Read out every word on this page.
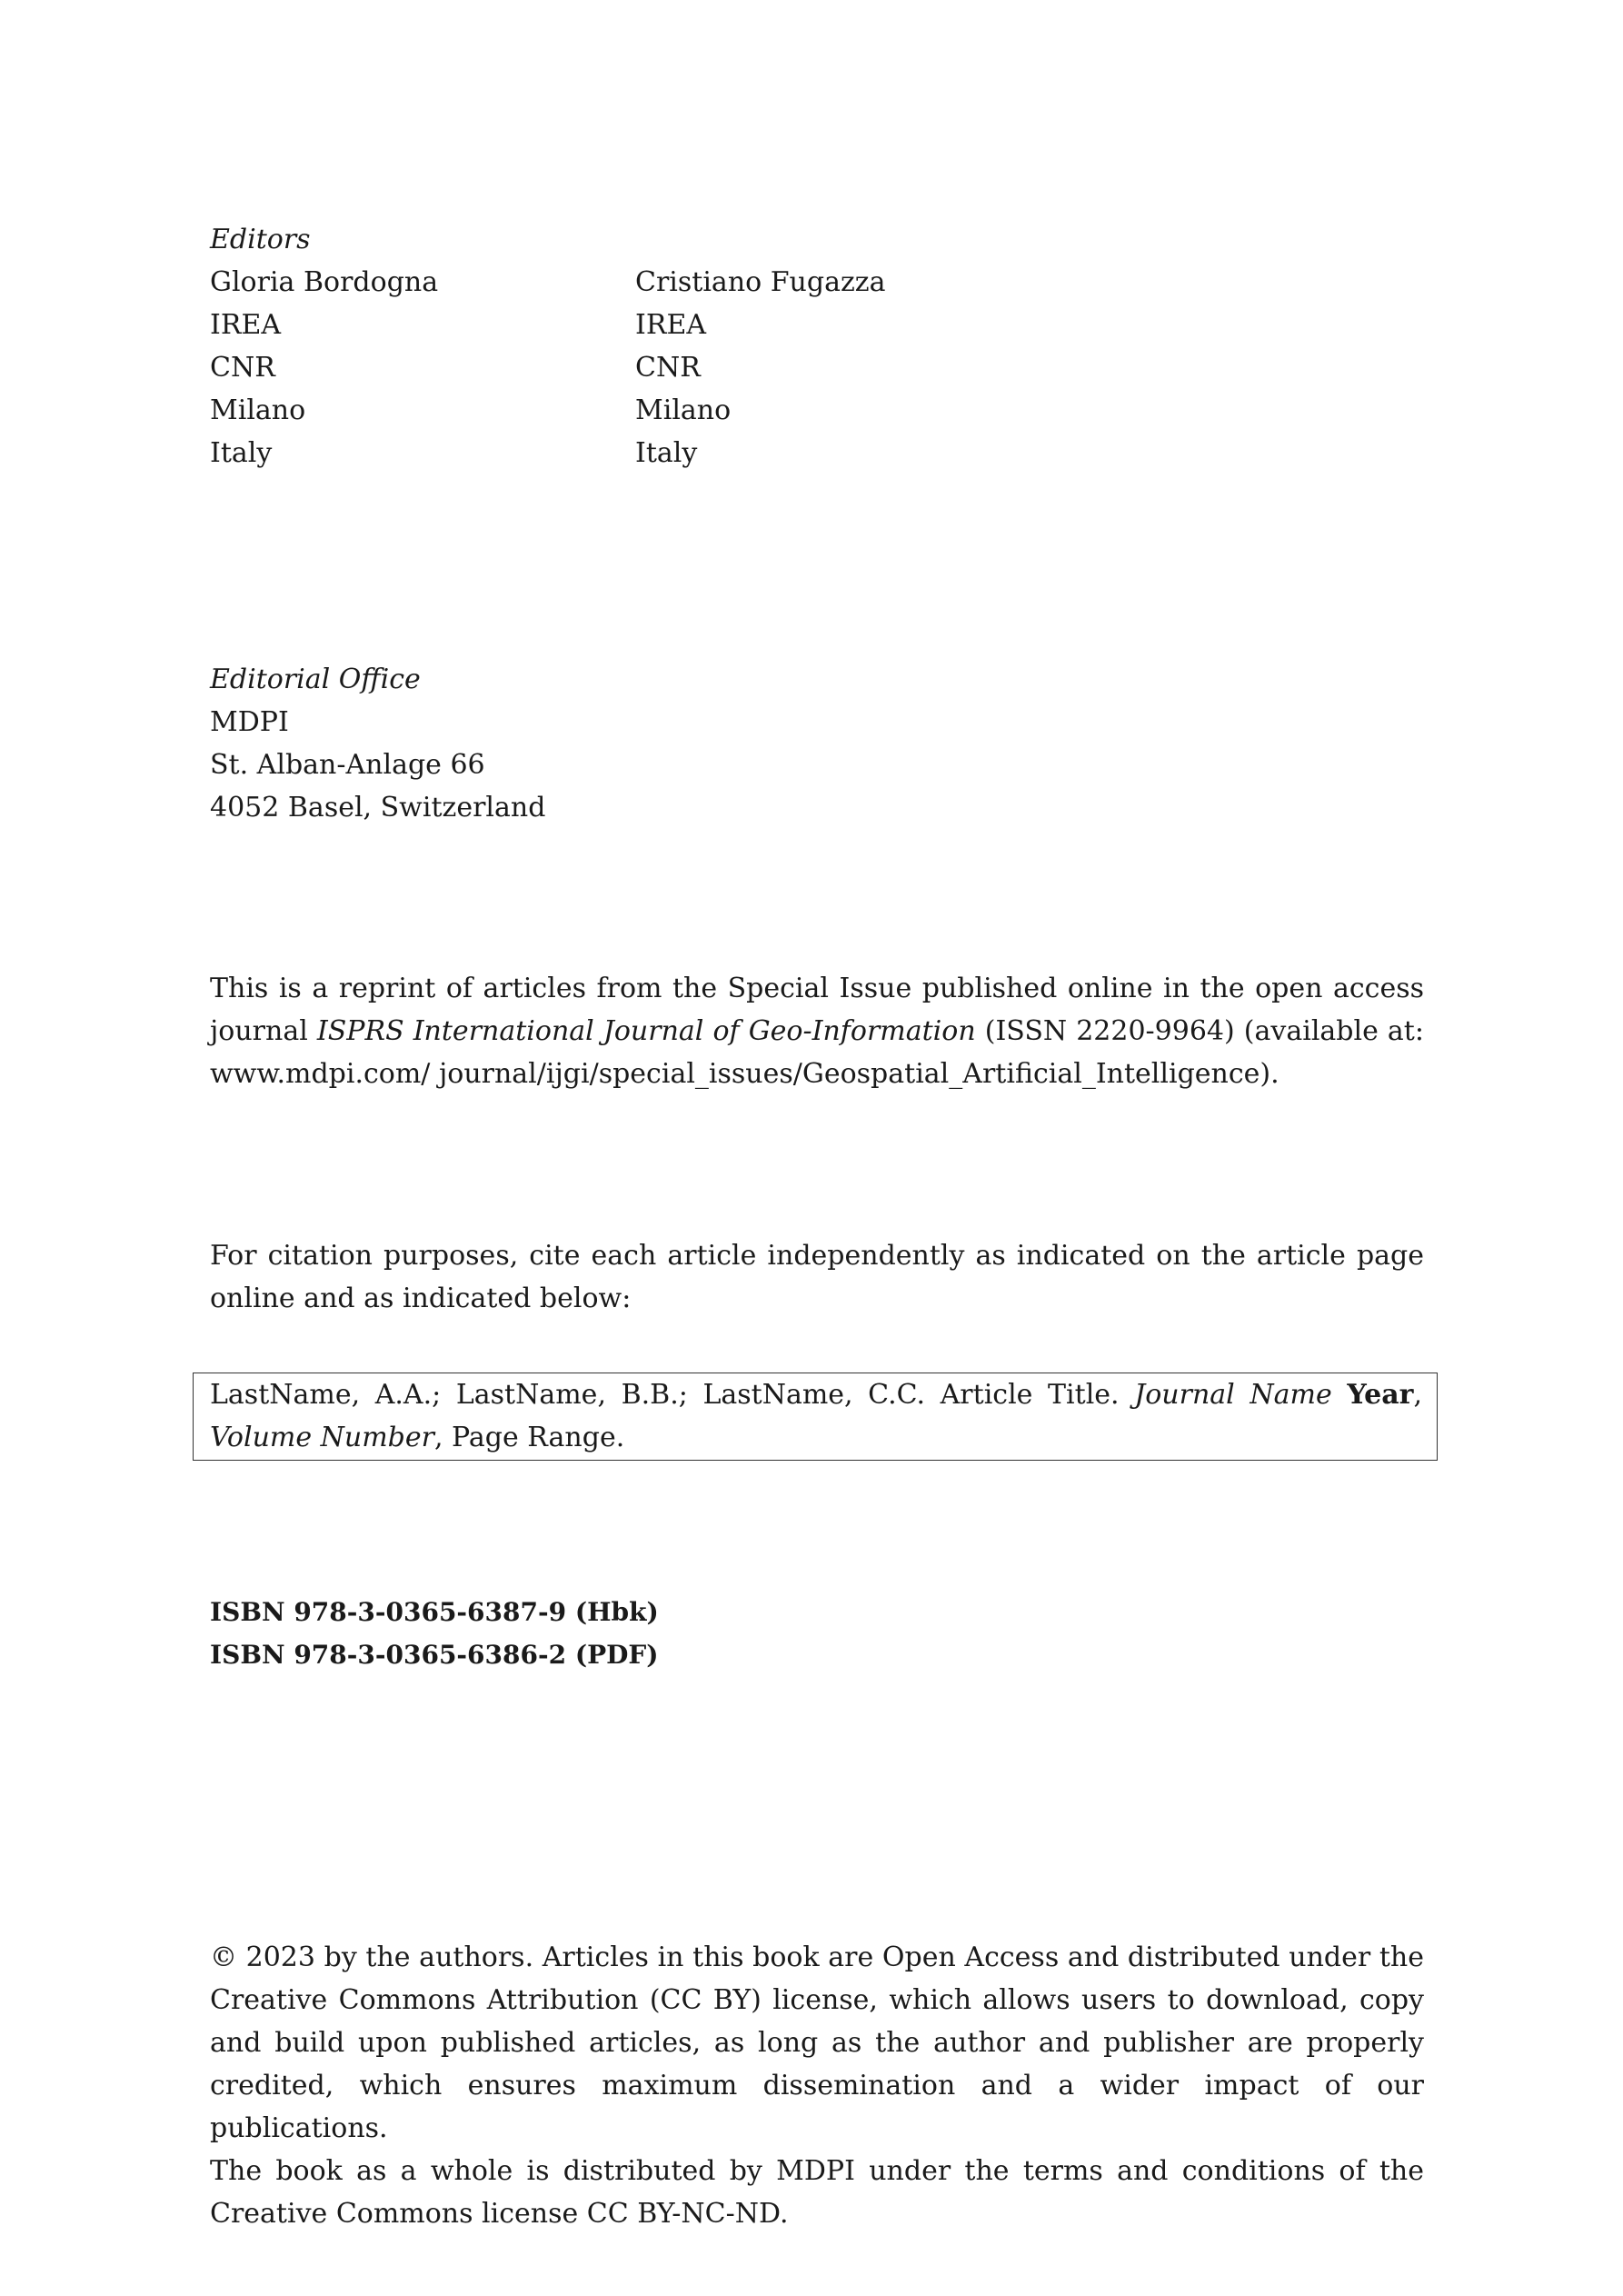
Editors
Gloria Bordogna
IREA
CNR
Milano
Italy
Cristiano Fugazza
IREA
CNR
Milano
Italy
Editorial Office
MDPI
St. Alban-Anlage 66
4052 Basel, Switzerland
This is a reprint of articles from the Special Issue published online in the open access journal ISPRS International Journal of Geo-Information (ISSN 2220-9964) (available at: www.mdpi.com/ journal/ijgi/special_issues/Geospatial_Artificial_Intelligence).
For citation purposes, cite each article independently as indicated on the article page online and as indicated below:
LastName, A.A.; LastName, B.B.; LastName, C.C. Article Title. Journal Name Year, Volume Number, Page Range.
ISBN 978-3-0365-6387-9 (Hbk)
ISBN 978-3-0365-6386-2 (PDF)
© 2023 by the authors. Articles in this book are Open Access and distributed under the Creative Commons Attribution (CC BY) license, which allows users to download, copy and build upon published articles, as long as the author and publisher are properly credited, which ensures maximum dissemination and a wider impact of our publications.
The book as a whole is distributed by MDPI under the terms and conditions of the Creative Commons license CC BY-NC-ND.
